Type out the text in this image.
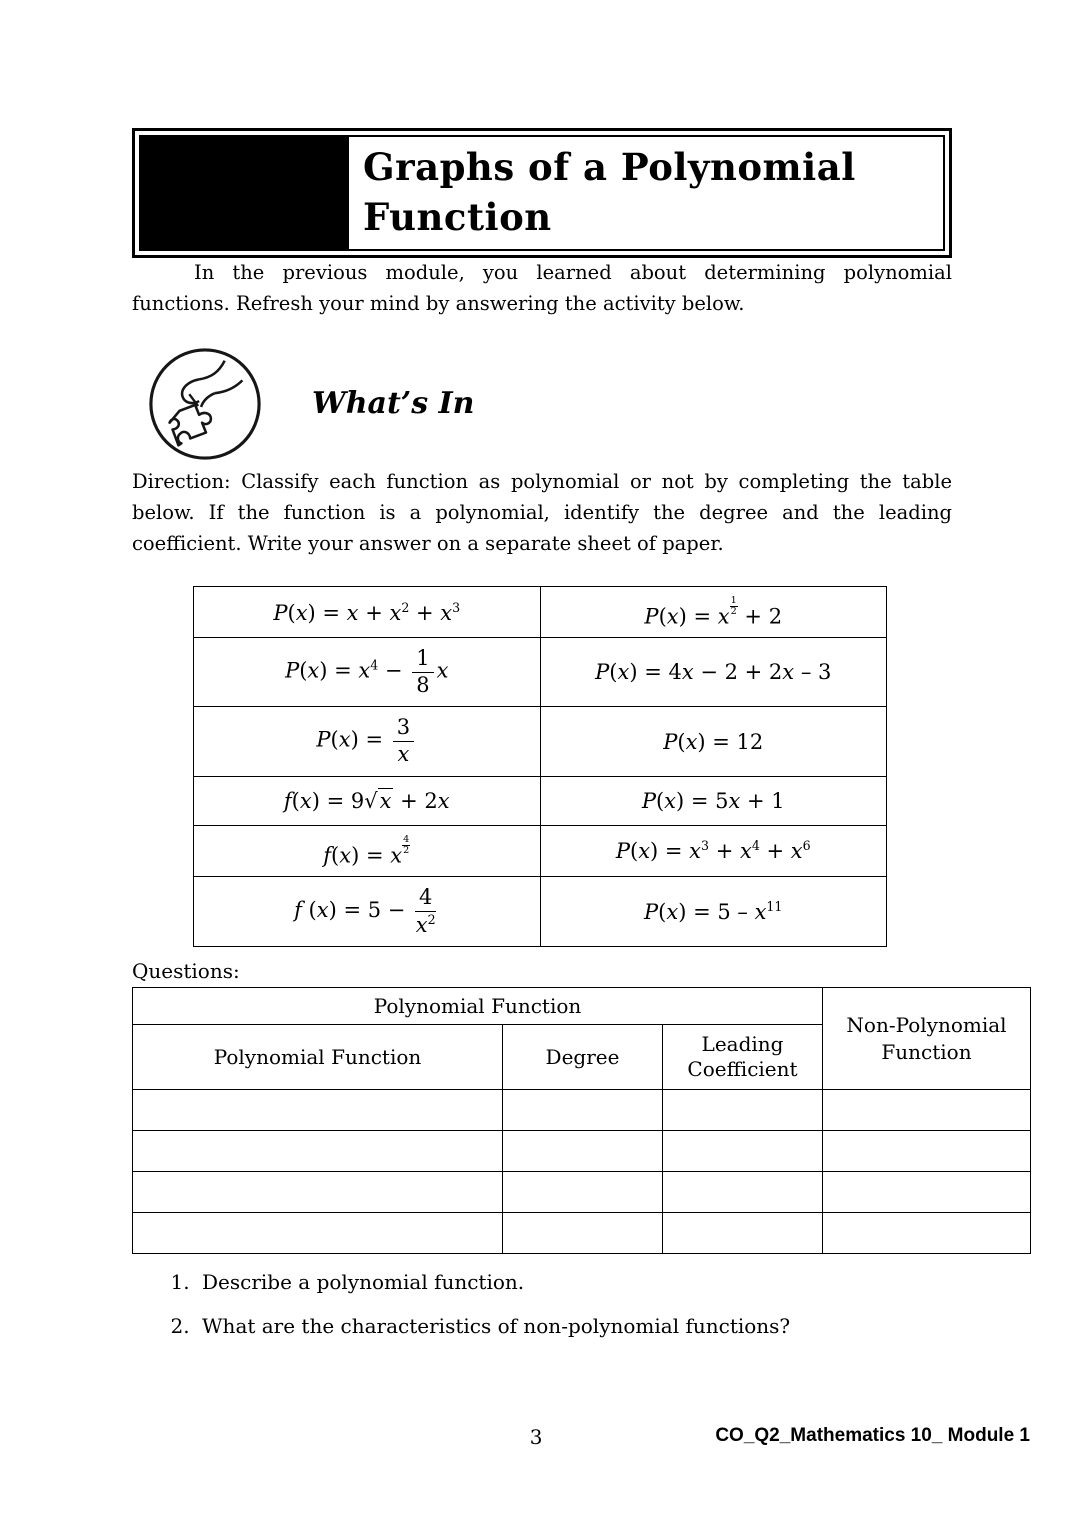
Graphs of a Polynomial Function

In the previous module, you learned about determining polynomial functions. Refresh your mind by answering the activity below.

What’s In

Direction: Classify each function as polynomial or not by completing the table below. If the function is a polynomial, identify the degree and the leading coefficient. Write your answer on a separate sheet of paper.

$P(x) = x + x^2 + x^3$	P(x) = x $^{\frac{1}{2}}$ + 2
$P(x) = x^4 - \frac{1}{8}$ x	P(x) = 4x − 2 + 2x – 3
$P(x) = \frac{3}{x}$	P(x) = 12
f(x) = 9√x + 2x	P(x) = 5x + 1
f(x) = x $^{\frac{4}{2}}$	$P(x) = x^3 + x^4 + x^6$
f $(x) = 5 - \frac{4}{x^2}$	$P(x) = 5 - x^{11}$
Questions:
Polynomial Function			Non-Polynomial Function
Polynomial Function	Degree	Leading Coefficient	

1. Describe a polynomial function.
2. What are the characteristics of non-polynomial functions?
3	CO_Q2_Mathematics 10_ Module 1
